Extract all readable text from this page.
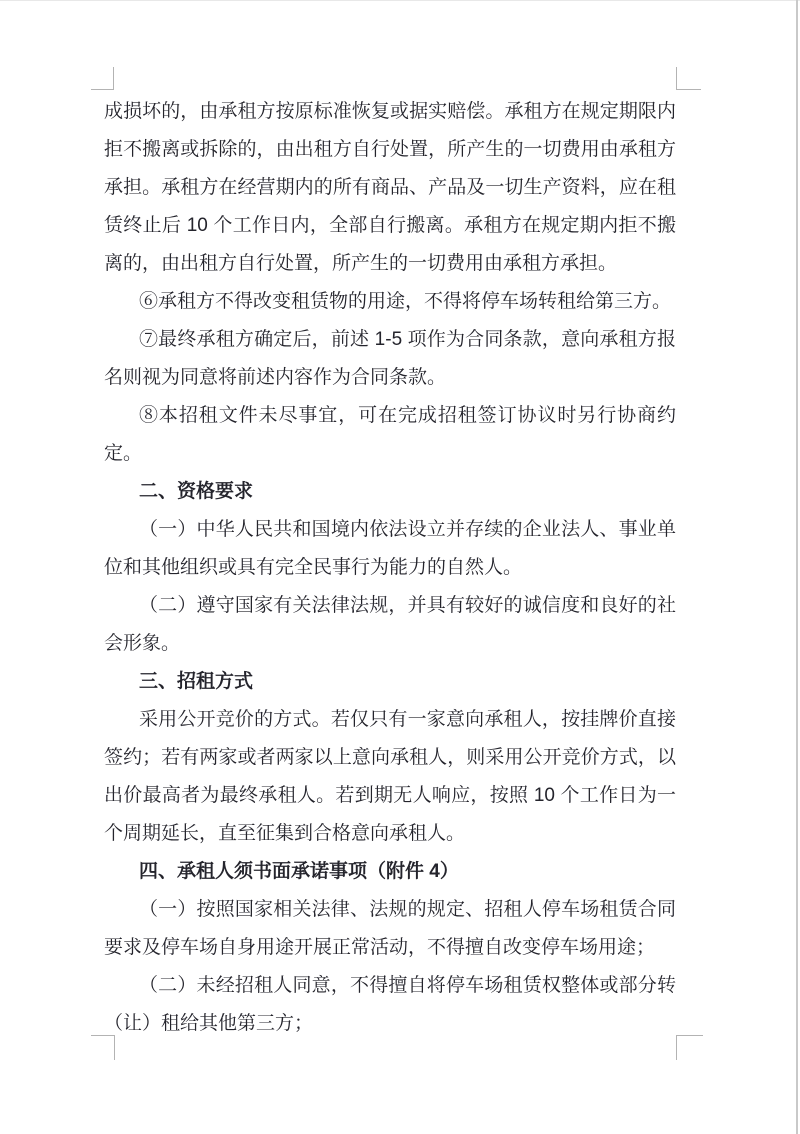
成损坏的，由承租方按原标准恢复或据实赔偿。承租方在规定期限内拒不搬离或拆除的，由出租方自行处置，所产生的一切费用由承租方承担。承租方在经营期内的所有商品、产品及一切生产资料，应在租赁终止后 10 个工作日内，全部自行搬离。承租方在规定期内拒不搬离的，由出租方自行处置，所产生的一切费用由承租方承担。

⑥承租方不得改变租赁物的用途，不得将停车场转租给第三方。

⑦最终承租方确定后，前述 1-5 项作为合同条款，意向承租方报名则视为同意将前述内容作为合同条款。

⑧本招租文件未尽事宜，可在完成招租签订协议时另行协商约定。

二、资格要求

（一）中华人民共和国境内依法设立并存续的企业法人、事业单位和其他组织或具有完全民事行为能力的自然人。

（二）遵守国家有关法律法规，并具有较好的诚信度和良好的社会形象。

三、招租方式

采用公开竞价的方式。若仅只有一家意向承租人，按挂牌价直接签约；若有两家或者两家以上意向承租人，则采用公开竞价方式，以出价最高者为最终承租人。若到期无人响应，按照 10 个工作日为一个周期延长，直至征集到合格意向承租人。

四、承租人须书面承诺事项（附件 4）

（一）按照国家相关法律、法规的规定、招租人停车场租赁合同要求及停车场自身用途开展正常活动，不得擅自改变停车场用途；

（二）未经招租人同意，不得擅自将停车场租赁权整体或部分转（让）租给其他第三方；
